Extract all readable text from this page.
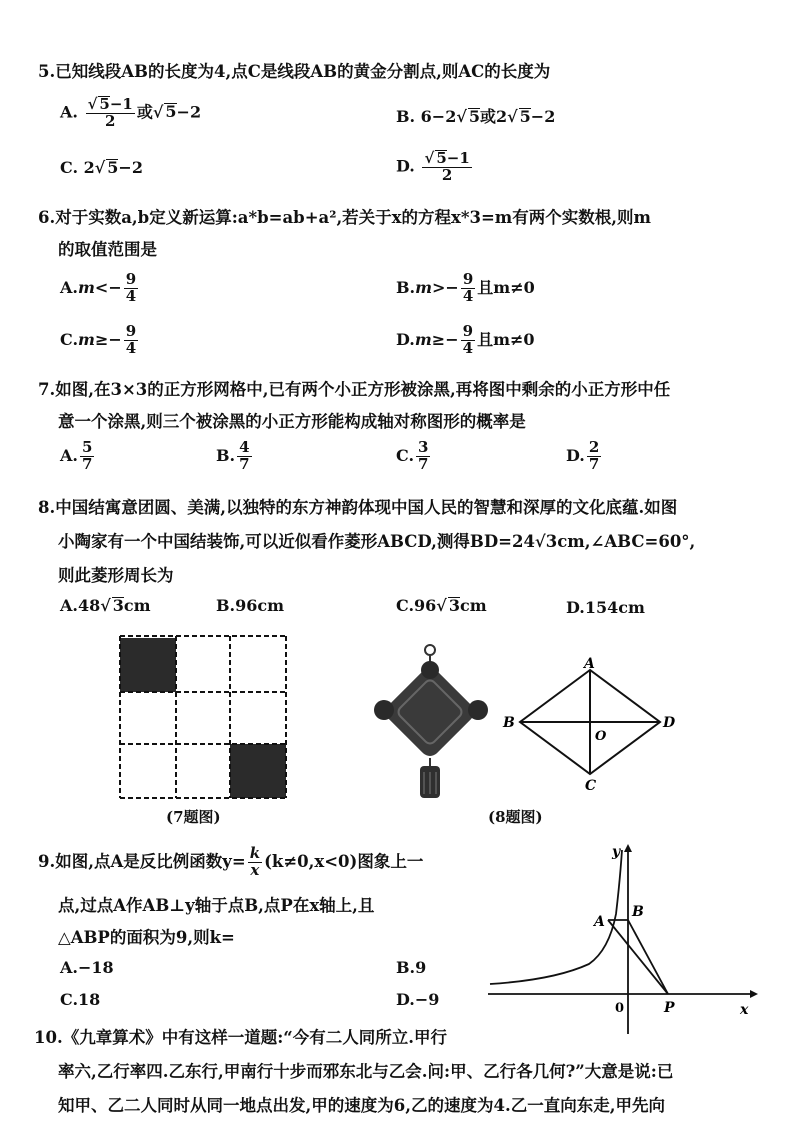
5.已知线段AB的长度为4,点C是线段AB的黄金分割点,则AC的长度为
A. $\frac{√ 5-1}{2}$ 或√ 5−2	B. 6−2√ 5或2√ 5−2
C. 2√ 5−2	D. $\frac{√ 5-1}{2}$
6.对于实数a,b定义新运算:a*b=ab+a²,若关于x的方程x*3=m有两个实数根,则m
的取值范围是
$A.m<- \frac{9}{4}$	$B.m>- \frac{9}{4}$ 且m≠0
$C.m\ge- \frac{9}{4}$	$D.m\ge- \frac{9}{4}$ 且m≠0
7.如图,在3×3的正方形网格中,已有两个小正方形被涂黑,再将图中剩余的小正方形中任
意一个涂黑,则三个被涂黑的小正方形能构成轴对称图形的概率是
A. $\frac{5}{7}$	B. $\frac{4}{7}$	C. $\frac{3}{7}$	D. $\frac{2}{7}$
8.中国结寓意团圆、美满,以独特的东方神韵体现中国人民的智慧和深厚的文化底蕴.如图
小陶家有一个中国结装饰,可以近似看作菱形ABCD,测得BD=24√3cm,∠ABC=60°,
则此菱形周长为
A.48√ 3cm	B.96cm	C.96√ 3cm	D.154cm
(7题图)
A
B
C
D
O
(8题图)
9.如图,点A是反比例函数$y= \frac{k}{x} (k\ne 0,x<0)$图象上一
点,过点A作AB⊥y轴于点B,点P在x轴上,且
△ABP的面积为9,则k=
A.−18	B.9
C.18	D.−9
y
x
0
A
B
P
10.《九章算术》中有这样一道题:“今有二人同所立.甲行
率六,乙行率四.乙东行,甲南行十步而邪东北与乙会.问:甲、乙行各几何?”大意是说:已
知甲、乙二人同时从同一地点出发,甲的速度为6,乙的速度为4.乙一直向东走,甲先向
